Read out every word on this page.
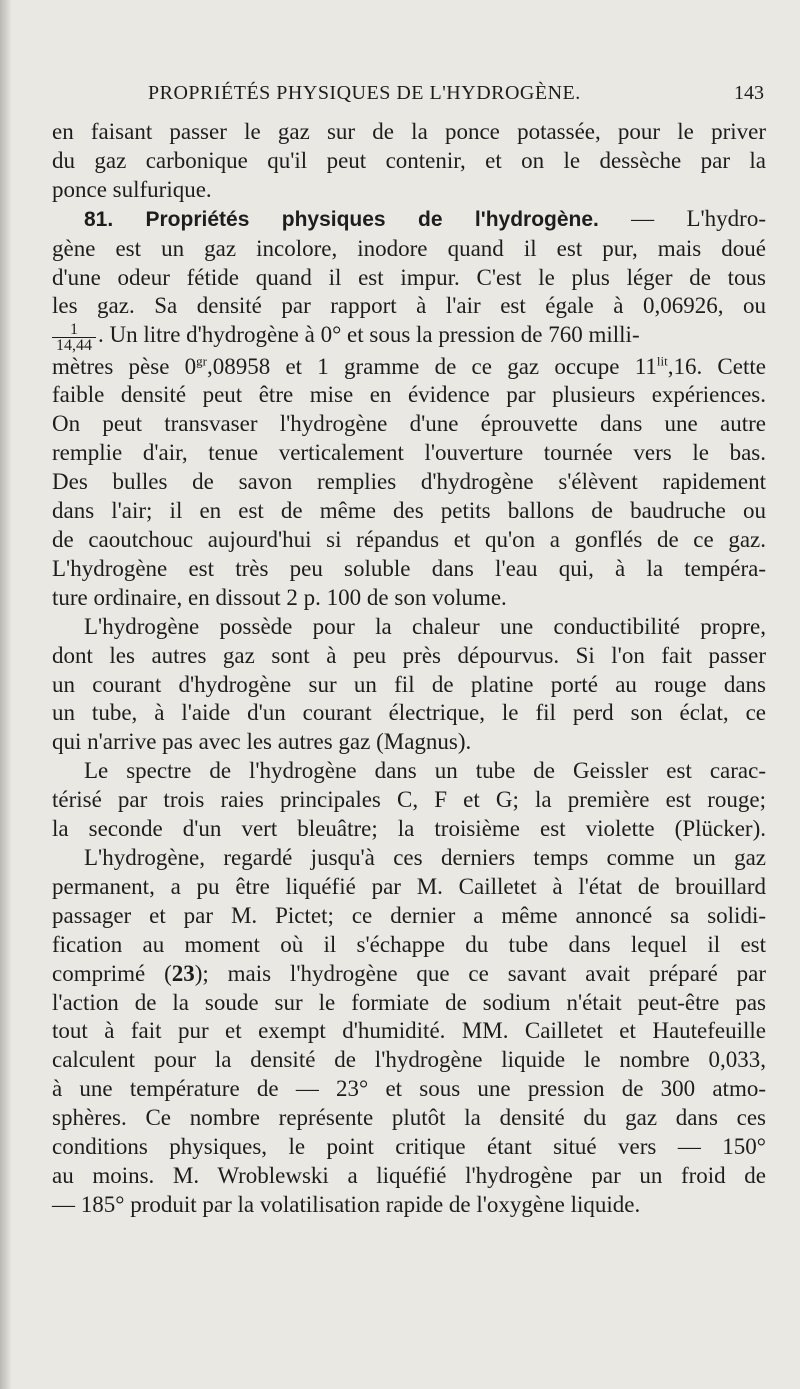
PROPRIÉTÉS PHYSIQUES DE L'HYDROGÈNE.	143
en faisant passer le gaz sur de la ponce potassée, pour le priver
du gaz carbonique qu'il peut contenir, et on le dessèche par la
ponce sulfurique.
81. Propriétés physiques de l'hydrogène. — L'hydro-
gène est un gaz incolore, inodore quand il est pur, mais doué
d'une odeur fétide quand il est impur. C'est le plus léger de tous
les gaz. Sa densité par rapport à l'air est égale à 0,06926, ou
$\frac{1}{14,44}$ . Un litre d'hydrogène à 0° et sous la pression de 760 milli-
mètres pèse $0^{gr},08958$ et 1 gramme de ce gaz occupe $11^{lit},16$. Cette
faible densité peut être mise en évidence par plusieurs expériences.
On peut transvaser l'hydrogène d'une éprouvette dans une autre
remplie d'air, tenue verticalement l'ouverture tournée vers le bas.
Des bulles de savon remplies d'hydrogène s'élèvent rapidement
dans l'air; il en est de même des petits ballons de baudruche ou
de caoutchouc aujourd'hui si répandus et qu'on a gonflés de ce gaz.
L'hydrogène est très peu soluble dans l'eau qui, à la tempéra-
ture ordinaire, en dissout 2 p. 100 de son volume.
L'hydrogène possède pour la chaleur une conductibilité propre,
dont les autres gaz sont à peu près dépourvus. Si l'on fait passer
un courant d'hydrogène sur un fil de platine porté au rouge dans
un tube, à l'aide d'un courant électrique, le fil perd son éclat, ce
qui n'arrive pas avec les autres gaz (Magnus).
Le spectre de l'hydrogène dans un tube de Geissler est carac-
térisé par trois raies principales C, F et G; la première est rouge;
la seconde d'un vert bleuâtre; la troisième est violette (Plücker).
L'hydrogène, regardé jusqu'à ces derniers temps comme un gaz
permanent, a pu être liquéfié par M. Cailletet à l'état de brouillard
passager et par M. Pictet; ce dernier a même annoncé sa solidi-
fication au moment où il s'échappe du tube dans lequel il est
comprimé (23); mais l'hydrogène que ce savant avait préparé par
l'action de la soude sur le formiate de sodium n'était peut-être pas
tout à fait pur et exempt d'humidité. MM. Cailletet et Hautefeuille
calculent pour la densité de l'hydrogène liquide le nombre 0,033,
à une température de — 23° et sous une pression de 300 atmo-
sphères. Ce nombre représente plutôt la densité du gaz dans ces
conditions physiques, le point critique étant situé vers — 150°
au moins. M. Wroblewski a liquéfié l'hydrogène par un froid de
— 185° produit par la volatilisation rapide de l'oxygène liquide.
